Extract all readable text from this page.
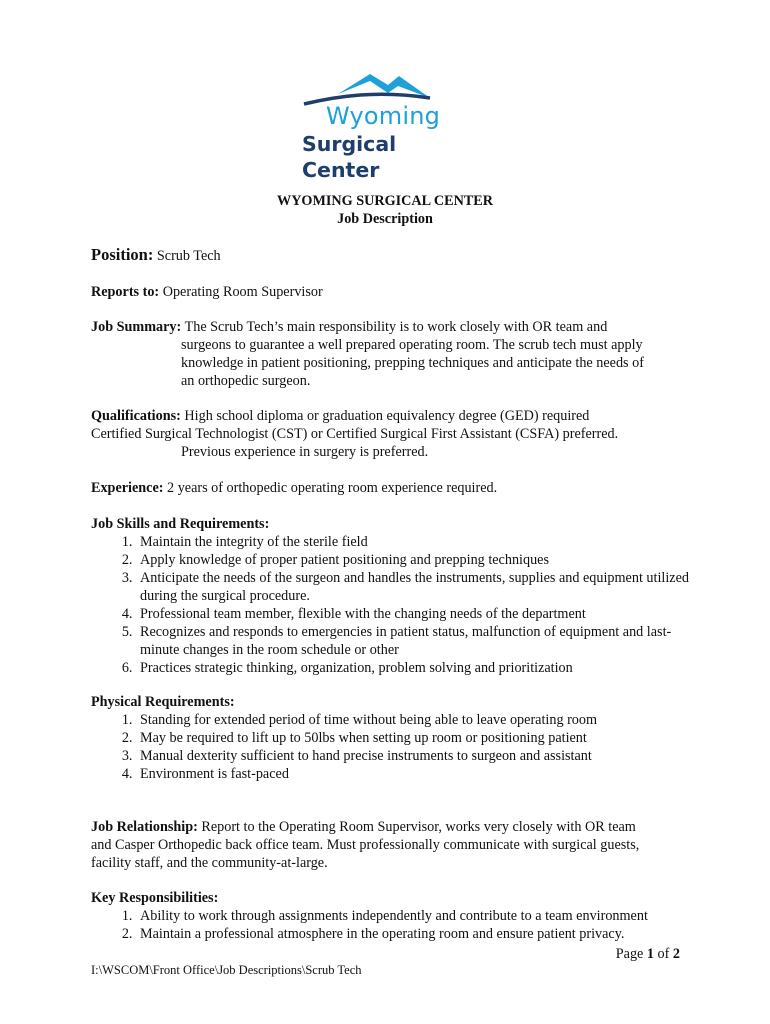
Wyoming
Surgical Center
WYOMING SURGICAL CENTER
Job Description
Position: Scrub Tech
Reports to: Operating Room Supervisor
Job Summary: The Scrub Tech’s main responsibility is to work closely with OR team and
surgeons to guarantee a well prepared operating room. The scrub tech must apply
knowledge in patient positioning, prepping techniques and anticipate the needs of
an orthopedic surgeon.
Qualifications: High school diploma or graduation equivalency degree (GED) required
Certified Surgical Technologist (CST) or Certified Surgical First Assistant (CSFA) preferred.
Previous experience in surgery is preferred.
Experience: 2 years of orthopedic operating room experience required.
Job Skills and Requirements:
1. Maintain the integrity of the sterile field
2. Apply knowledge of proper patient positioning and prepping techniques
3. Anticipate the needs of the surgeon and handles the instruments, supplies and equipment utilized during the surgical procedure.
4. Professional team member, flexible with the changing needs of the department
5. Recognizes and responds to emergencies in patient status, malfunction of equipment and last-minute changes in the room schedule or other
6. Practices strategic thinking, organization, problem solving and prioritization
Physical Requirements:
1. Standing for extended period of time without being able to leave operating room
2. May be required to lift up to 50lbs when setting up room or positioning patient
3. Manual dexterity sufficient to hand precise instruments to surgeon and assistant
4. Environment is fast-paced
Job Relationship: Report to the Operating Room Supervisor, works very closely with OR team
and Casper Orthopedic back office team. Must professionally communicate with surgical guests,
facility staff, and the community-at-large.
Key Responsibilities:
1. Ability to work through assignments independently and contribute to a team environment
2. Maintain a professional atmosphere in the operating room and ensure patient privacy.
Page 1 of 2
I:\WSCOM\Front Office\Job Descriptions\Scrub Tech
